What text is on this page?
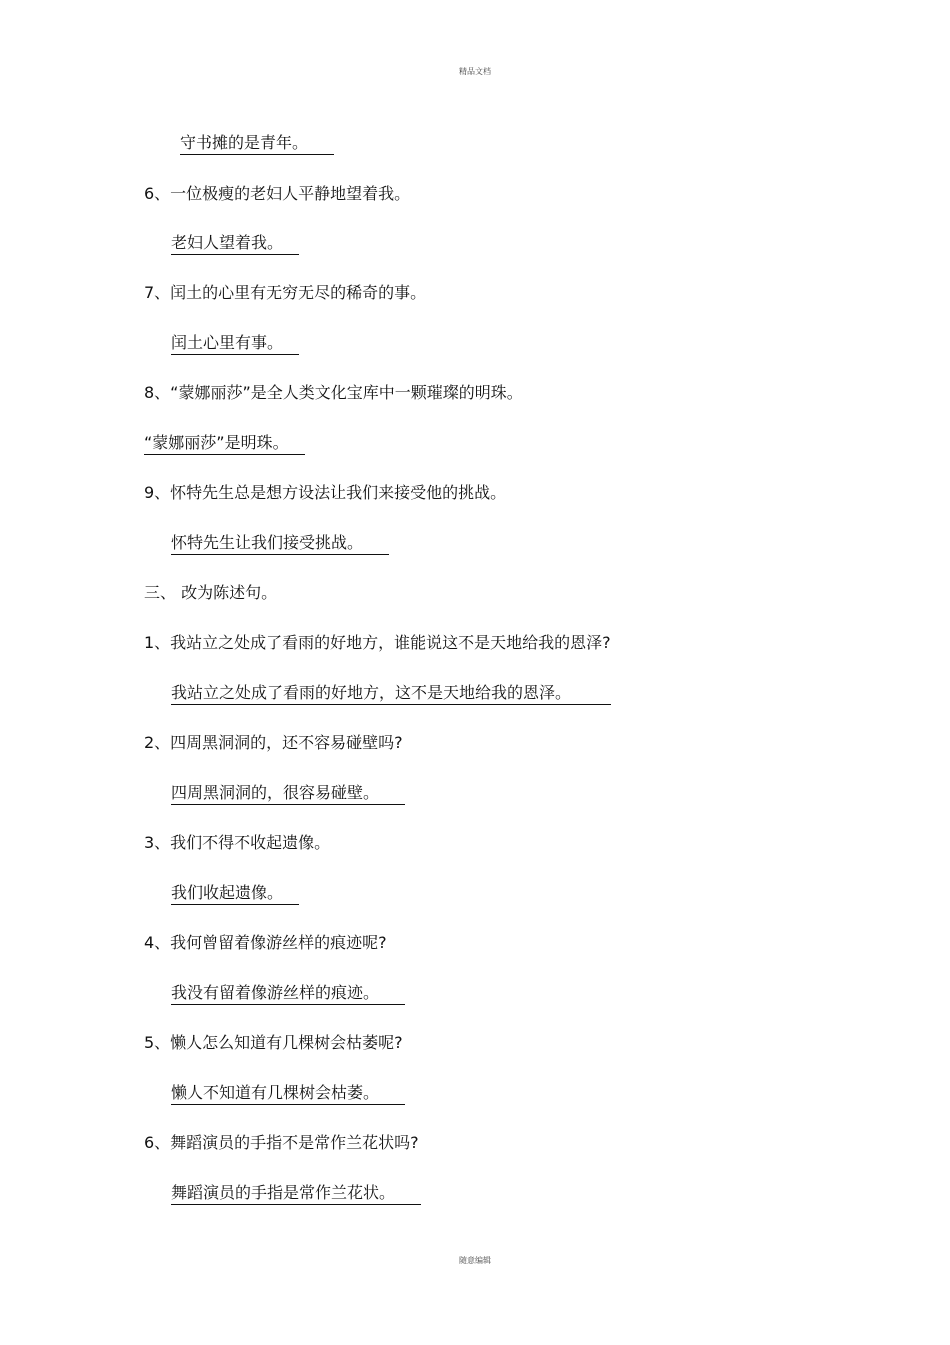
精品文档
守书摊的是青年。
6、一位极瘦的老妇人平静地望着我。
老妇人望着我。
7、闰土的心里有无穷无尽的稀奇的事。
闰土心里有事。
8、“蒙娜丽莎”是全人类文化宝库中一颗璀璨的明珠。
“蒙娜丽莎”是明珠。
9、怀特先生总是想方设法让我们来接受他的挑战。
怀特先生让我们接受挑战。
三、 改为陈述句。
1、我站立之处成了看雨的好地方，谁能说这不是天地给我的恩泽?
我站立之处成了看雨的好地方，这不是天地给我的恩泽。
2、四周黑洞洞的，还不容易碰壁吗?
四周黑洞洞的，很容易碰壁。
3、我们不得不收起遗像。
我们收起遗像。
4、我何曾留着像游丝样的痕迹呢?
我没有留着像游丝样的痕迹。
5、懒人怎么知道有几棵树会枯萎呢?
懒人不知道有几棵树会枯萎。
6、舞蹈演员的手指不是常作兰花状吗?
舞蹈演员的手指是常作兰花状。
随意编辑
